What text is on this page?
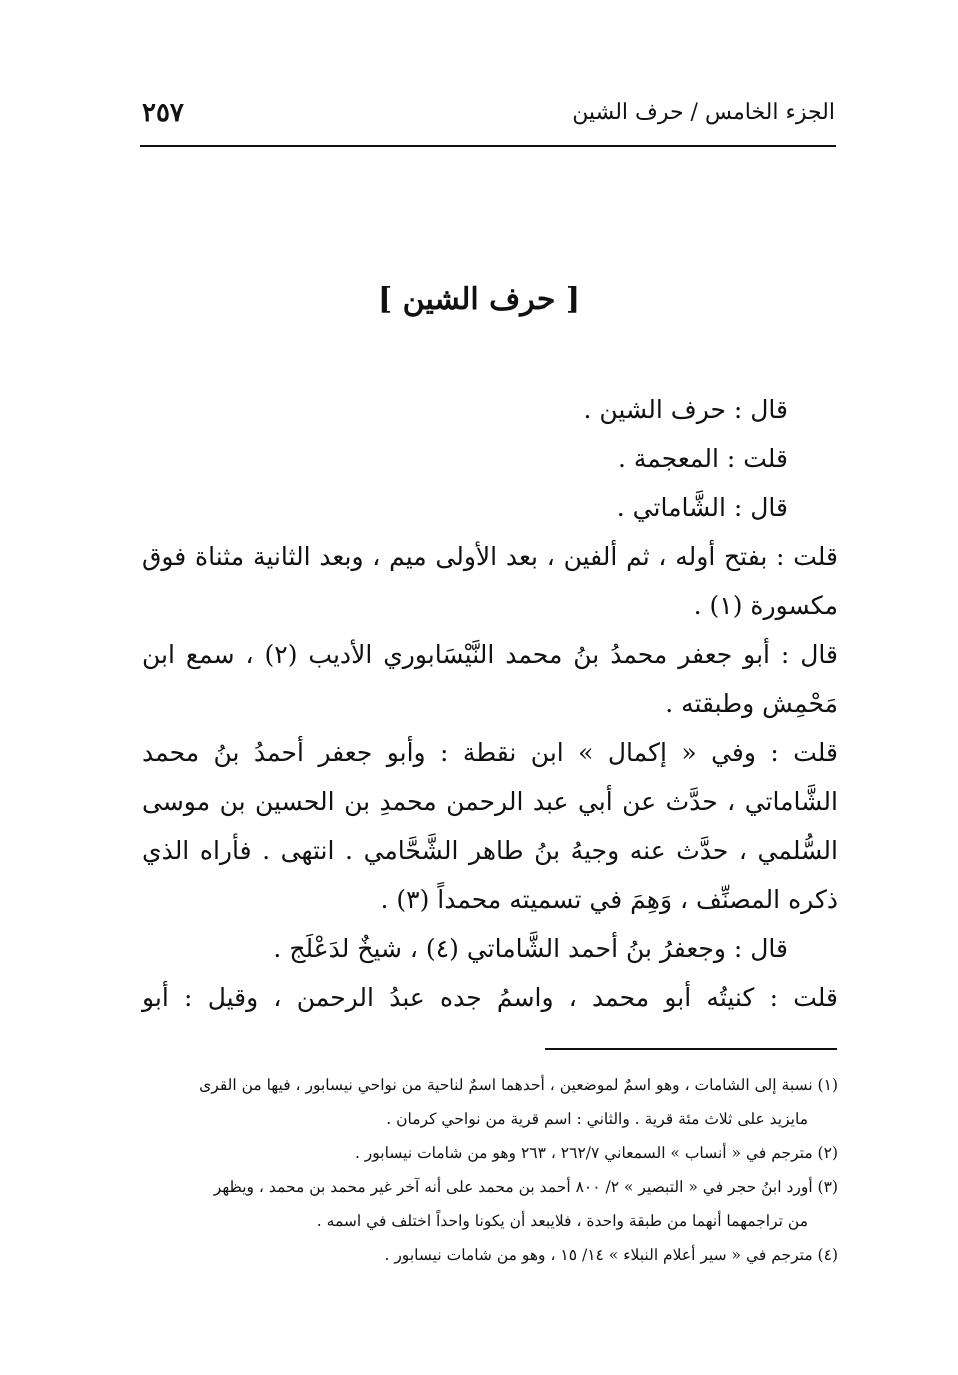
الجزء الخامس / حرف الشين
٢٥٧
[ حرف الشين ]

قال : حرف الشين .

قلت : المعجمة .

قال : الشَّاماتي .

قلت : بفتح أوله ، ثم ألفين ، بعد الأولى ميم ، وبعد الثانية مثناة فوق مكسورة (١) .

قال : أبو جعفر محمدُ بنُ محمد النَّيْسَابوري الأديب (٢) ، سمع ابن مَحْمِش وطبقته .

قلت : وفي « إكمال » ابن نقطة : وأبو جعفر أحمدُ بنُ محمد الشَّاماتي ، حدَّث عن أبي عبد الرحمن محمدِ بن الحسين بن موسى السُّلمي ، حدَّث عنه وجيهُ بنُ طاهر الشَّحَّامي . انتهى . فأراه الذي ذكره المصنِّف ، وَهِمَ في تسميته محمداً (٣) .

قال : وجعفرُ بنُ أحمد الشَّاماتي (٤) ، شيخٌ لدَعْلَج .

قلت : كنيتُه أبو محمد ، واسمُ جده عبدُ الرحمن ، وقيل : أبو

(١) نسبة إلى الشامات ، وهو اسمٌ لموضعين ، أحدهما اسمٌ لناحية من نواحي نيسابور ، فيها من القرى

مايزيد على ثلاث مئة قرية . والثاني : اسم قرية من نواحي كرمان .

(٢) مترجم في « أنساب » السمعاني ٢٦٢/٧ ، ٢٦٣ وهو من شامات نيسابور .

(٣) أورد ابنُ حجر في « التبصير » ٢/ ٨٠٠ أحمد بن محمد على أنه آخر غير محمد بن محمد ، ويظهر

من تراجمهما أنهما من طبقة واحدة ، فلايبعد أن يكونا واحداً اختلف في اسمه .

(٤) مترجم في « سير أعلام النبلاء » ١٤/ ١٥ ، وهو من شامات نيسابور .
